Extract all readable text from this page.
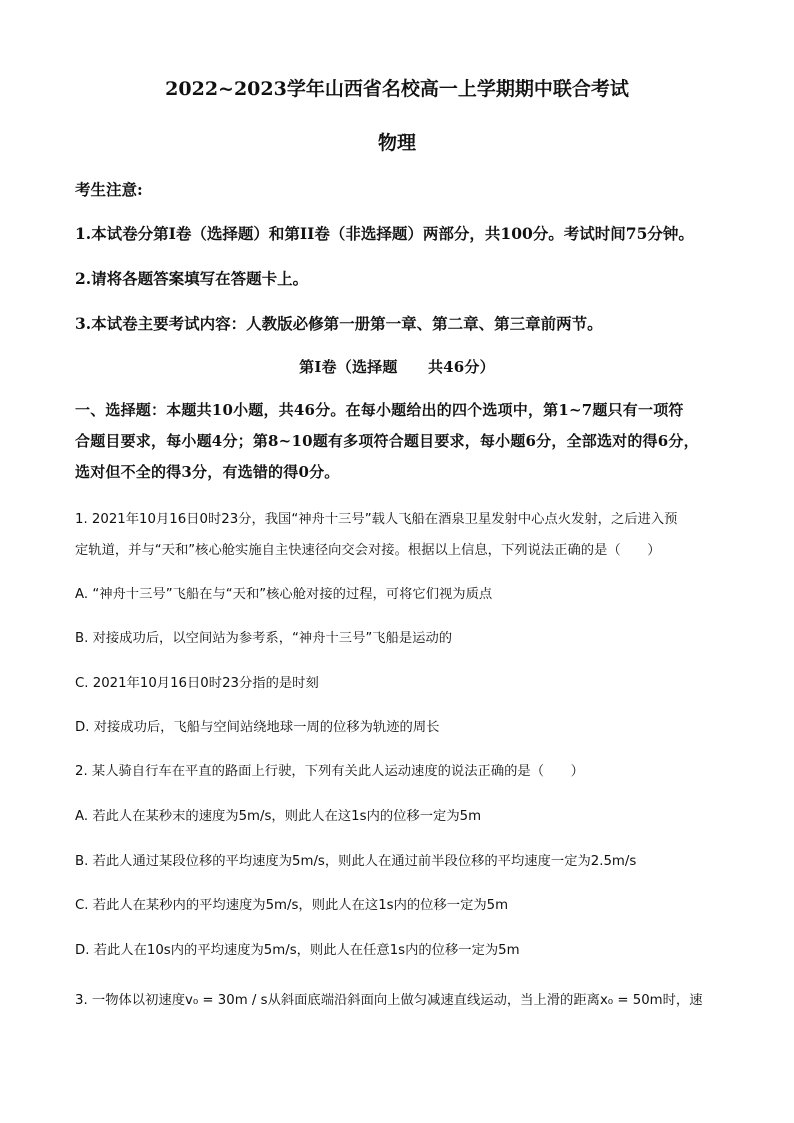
2022~2023学年山西省名校高一上学期期中联合考试
物理
考生注意:
1.本试卷分第I卷（选择题）和第II卷（非选择题）两部分，共100分。考试时间75分钟。
2.请将各题答案填写在答题卡上。
3.本试卷主要考试内容：人教版必修第一册第一章、第二章、第三章前两节。
第I卷（选择题　　共46分）
一、选择题：本题共10小题，共46分。在每小题给出的四个选项中，第1~7题只有一项符
合题目要求，每小题4分；第8~10题有多项符合题目要求，每小题6分，全部选对的得6分，
选对但不全的得3分，有选错的得0分。
1. 2021年10月16日0时23分，我国“神舟十三号”载人飞船在酒泉卫星发射中心点火发射，之后进入预
定轨道，并与“天和”核心舱实施自主快速径向交会对接。根据以上信息，下列说法正确的是（　　）
A. “神舟十三号”飞船在与“天和”核心舱对接的过程，可将它们视为质点
B. 对接成功后，以空间站为参考系，“神舟十三号”飞船是运动的
C. 2021年10月16日0时23分指的是时刻
D. 对接成功后，飞船与空间站绕地球一周的位移为轨迹的周长
2. 某人骑自行车在平直的路面上行驶，下列有关此人运动速度的说法正确的是（　　）
A. 若此人在某秒末的速度为5m/s，则此人在这1s内的位移一定为5m
B. 若此人通过某段位移的平均速度为5m/s，则此人在通过前半段位移的平均速度一定为2.5m/s
C. 若此人在某秒内的平均速度为5m/s，则此人在这1s内的位移一定为5m
D. 若此人在10s内的平均速度为5m/s，则此人在任意1s内的位移一定为5m
3. 一物体以初速度v₀ = 30m / s从斜面底端沿斜面向上做匀减速直线运动，当上滑的距离x₀ = 50m时，速
